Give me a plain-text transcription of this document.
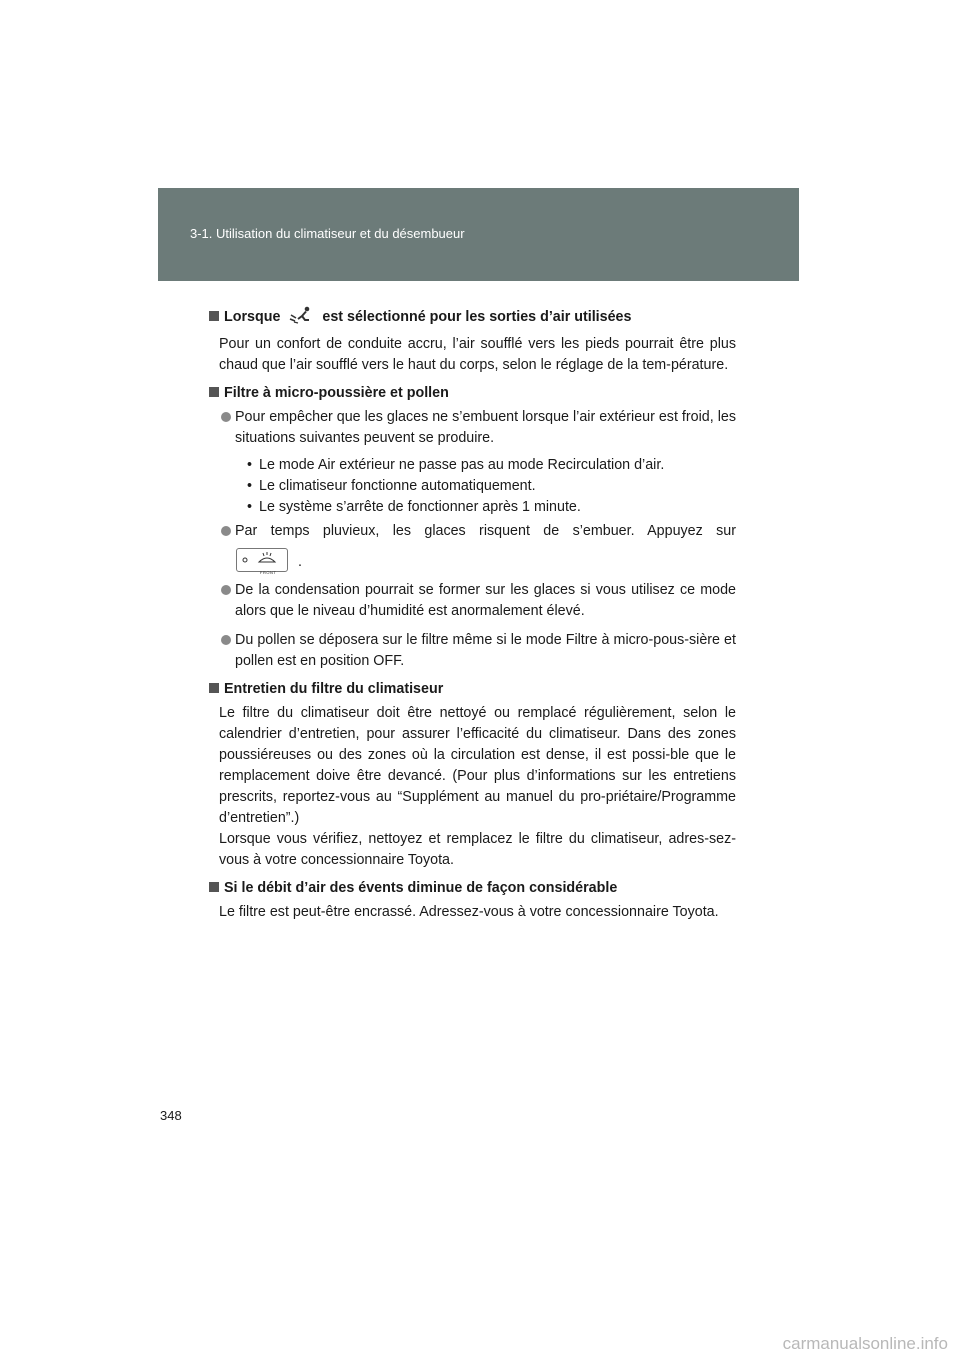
3-1. Utilisation du climatiseur et du désembueur

Lorsque	est sélectionné pour les sorties d’air utilisées

Pour un confort de conduite accru, l’air soufflé vers les pieds pourrait être plus chaud que l’air soufflé vers le haut du corps, selon le réglage de la tem-pérature.

Filtre à micro-poussière et pollen

Pour empêcher que les glaces ne s’embuent lorsque l’air extérieur est froid, les situations suivantes peuvent se produire.
• Le mode Air extérieur ne passe pas au mode Recirculation d’air.
• Le climatiseur fonctionne automatiquement.
• Le système s’arrête de fonctionner après 1 minute.
Par temps pluvieux, les glaces risquent de s’embuer. Appuyez sur
FRONT
.
De la condensation pourrait se former sur les glaces si vous utilisez ce mode alors que le niveau d’humidité est anormalement élevé.
Du pollen se déposera sur le filtre même si le mode Filtre à micro-pous-sière et pollen est en position OFF.

Entretien du filtre du climatiseur

Le filtre du climatiseur doit être nettoyé ou remplacé régulièrement, selon le calendrier d’entretien, pour assurer l’efficacité du climatiseur. Dans des zones poussiéreuses ou des zones où la circulation est dense, il est possi-ble que le remplacement doive être devancé. (Pour plus d’informations sur les entretiens prescrits, reportez-vous au “Supplément au manuel du pro-priétaire/Programme d’entretien”.)

Lorsque vous vérifiez, nettoyez et remplacez le filtre du climatiseur, adres-sez-vous à votre concessionnaire Toyota.

Si le débit d’air des évents diminue de façon considérable

Le filtre est peut-être encrassé. Adressez-vous à votre concessionnaire Toyota.

348
carmanualsonline.info
